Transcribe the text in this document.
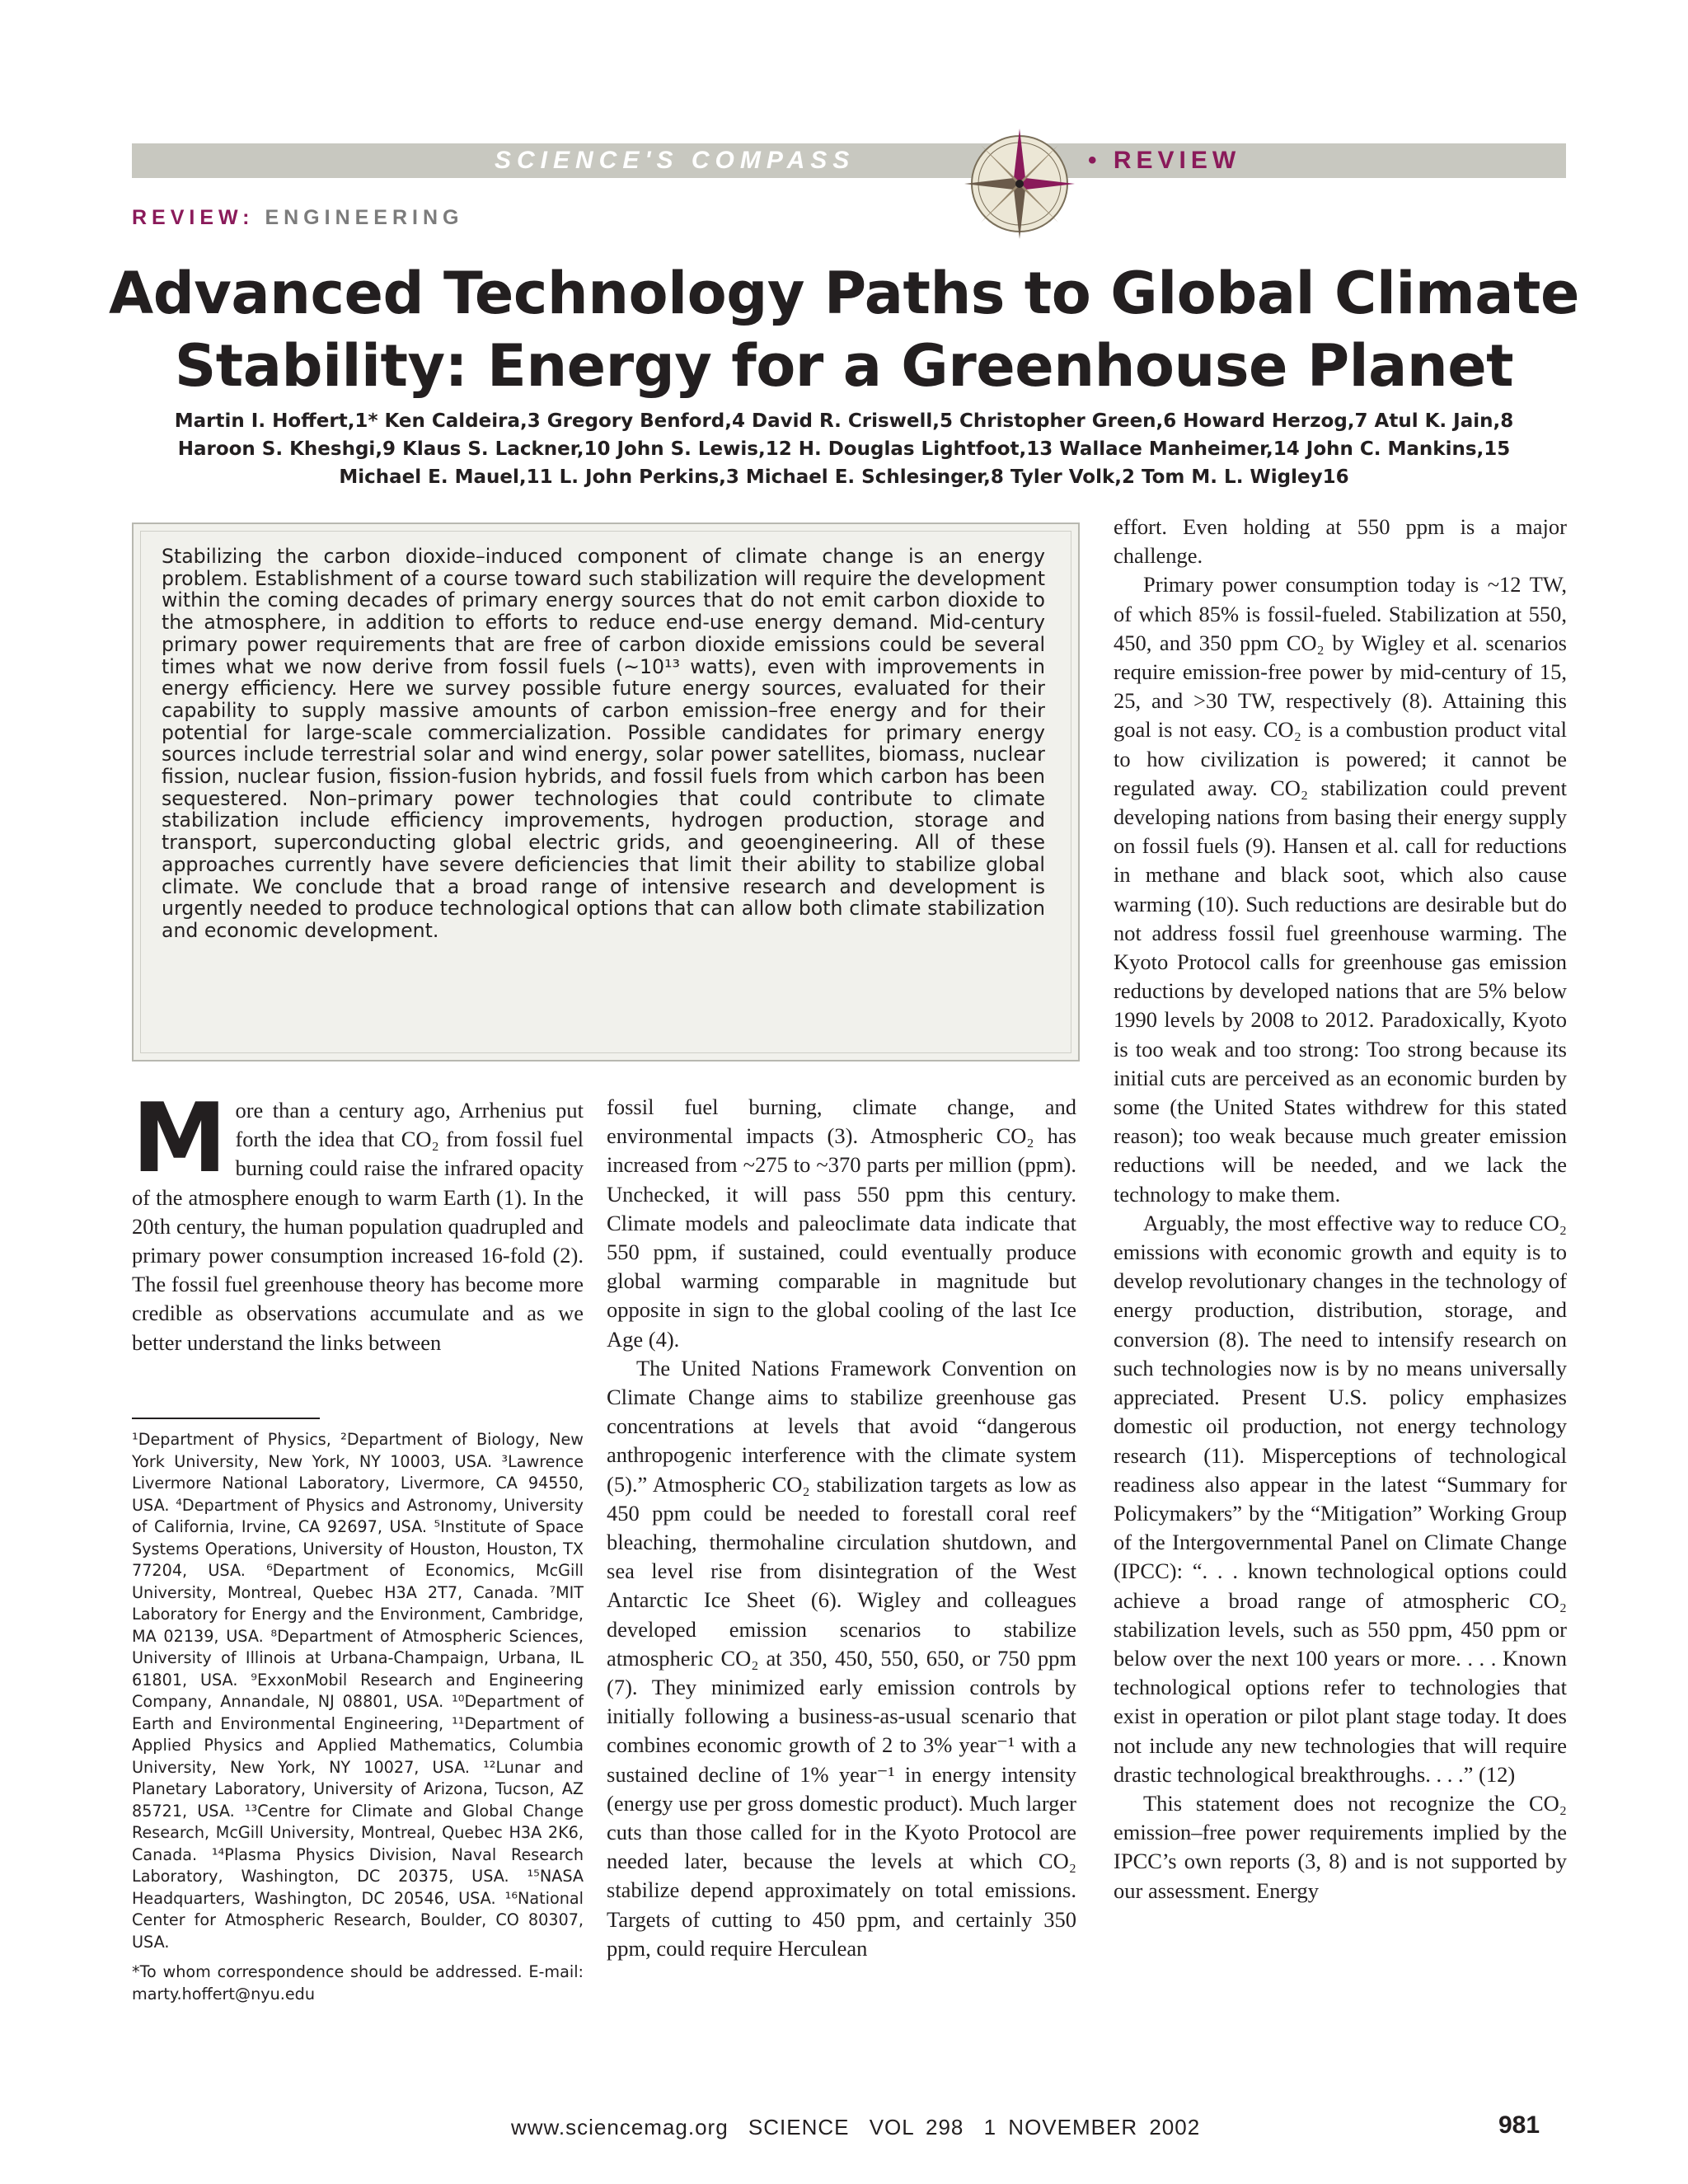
SCIENCE'S COMPASS	• REVIEW
REVIEW: ENGINEERING
Advanced Technology Paths to Global Climate
Stability: Energy for a Greenhouse Planet
Martin I. Hoffert,1* Ken Caldeira,3 Gregory Benford,4 David R. Criswell,5 Christopher Green,6 Howard Herzog,7 Atul K. Jain,8
Haroon S. Kheshgi,9 Klaus S. Lackner,10 John S. Lewis,12 H. Douglas Lightfoot,13 Wallace Manheimer,14 John C. Mankins,15
Michael E. Mauel,11 L. John Perkins,3 Michael E. Schlesinger,8 Tyler Volk,2 Tom M. L. Wigley16
Stabilizing the carbon dioxide–induced component of climate change is an energy problem. Establishment of a course toward such stabilization will require the development within the coming decades of primary energy sources that do not emit carbon dioxide to the atmosphere, in addition to efforts to reduce end-use energy demand. Mid-century primary power requirements that are free of carbon dioxide emissions could be several times what we now derive from fossil fuels (~10¹³ watts), even with improvements in energy efficiency. Here we survey possible future energy sources, evaluated for their capability to supply massive amounts of carbon emission–free energy and for their potential for large-scale commercialization. Possible candidates for primary energy sources include terrestrial solar and wind energy, solar power satellites, biomass, nuclear fission, nuclear fusion, fission-fusion hybrids, and fossil fuels from which carbon has been sequestered. Non–primary power technologies that could contribute to climate stabilization include efficiency improvements, hydrogen production, storage and transport, superconducting global electric grids, and geoengineering. All of these approaches currently have severe deficiencies that limit their ability to stabilize global climate. We conclude that a broad range of intensive research and development is urgently needed to produce technological options that can allow both climate stabilization and economic development.
M ore than a century ago, Arrhenius put forth the idea that CO₂ from fossil fuel burning could raise the infrared opacity of the atmosphere enough to warm Earth (1). In the 20th century, the human population quadrupled and primary power consumption increased 16-fold (2). The fossil fuel greenhouse theory has become more credible as observations accumulate and as we better understand the links between

¹Department of Physics, ²Department of Biology, New York University, New York, NY 10003, USA. ³Lawrence Livermore National Laboratory, Livermore, CA 94550, USA. ⁴Department of Physics and Astronomy, University of California, Irvine, CA 92697, USA. ⁵Institute of Space Systems Operations, University of Houston, Houston, TX 77204, USA. ⁶Department of Economics, McGill University, Montreal, Quebec H3A 2T7, Canada. ⁷MIT Laboratory for Energy and the Environment, Cambridge, MA 02139, USA. ⁸Department of Atmospheric Sciences, University of Illinois at Urbana-Champaign, Urbana, IL 61801, USA. ⁹ExxonMobil Research and Engineering Company, Annandale, NJ 08801, USA. ¹⁰Department of Earth and Environmental Engineering, ¹¹Department of Applied Physics and Applied Mathematics, Columbia University, New York, NY 10027, USA. ¹²Lunar and Planetary Laboratory, University of Arizona, Tucson, AZ 85721, USA. ¹³Centre for Climate and Global Change Research, McGill University, Montreal, Quebec H3A 2K6, Canada. ¹⁴Plasma Physics Division, Naval Research Laboratory, Washington, DC 20375, USA. ¹⁵NASA Headquarters, Washington, DC 20546, USA. ¹⁶National Center for Atmospheric Research, Boulder, CO 80307, USA.

*To whom correspondence should be addressed. E-mail: marty.hoffert@nyu.edu

fossil fuel burning, climate change, and environmental impacts (3). Atmospheric CO₂ has increased from ~275 to ~370 parts per million (ppm). Unchecked, it will pass 550 ppm this century. Climate models and paleoclimate data indicate that 550 ppm, if sustained, could eventually produce global warming comparable in magnitude but opposite in sign to the global cooling of the last Ice Age (4).

The United Nations Framework Convention on Climate Change aims to stabilize greenhouse gas concentrations at levels that avoid “dangerous anthropogenic interference with the climate system (5).” Atmospheric CO₂ stabilization targets as low as 450 ppm could be needed to forestall coral reef bleaching, thermohaline circulation shutdown, and sea level rise from disintegration of the West Antarctic Ice Sheet (6). Wigley and colleagues developed emission scenarios to stabilize atmospheric CO₂ at 350, 450, 550, 650, or 750 ppm (7). They minimized early emission controls by initially following a business-as-usual scenario that combines economic growth of 2 to 3% year⁻¹ with a sustained decline of 1% year⁻¹ in energy intensity (energy use per gross domestic product). Much larger cuts than those called for in the Kyoto Protocol are needed later, because the levels at which CO₂ stabilize depend approximately on total emissions. Targets of cutting to 450 ppm, and certainly 350 ppm, could require Herculean

effort. Even holding at 550 ppm is a major challenge.

Primary power consumption today is ~12 TW, of which 85% is fossil-fueled. Stabilization at 550, 450, and 350 ppm CO₂ by Wigley et al. scenarios require emission-free power by mid-century of 15, 25, and >30 TW, respectively (8). Attaining this goal is not easy. CO₂ is a combustion product vital to how civilization is powered; it cannot be regulated away. CO₂ stabilization could prevent developing nations from basing their energy supply on fossil fuels (9). Hansen et al. call for reductions in methane and black soot, which also cause warming (10). Such reductions are desirable but do not address fossil fuel greenhouse warming. The Kyoto Protocol calls for greenhouse gas emission reductions by developed nations that are 5% below 1990 levels by 2008 to 2012. Paradoxically, Kyoto is too weak and too strong: Too strong because its initial cuts are perceived as an economic burden by some (the United States withdrew for this stated reason); too weak because much greater emission reductions will be needed, and we lack the technology to make them.

Arguably, the most effective way to reduce CO₂ emissions with economic growth and equity is to develop revolutionary changes in the technology of energy production, distribution, storage, and conversion (8). The need to intensify research on such technologies now is by no means universally appreciated. Present U.S. policy emphasizes domestic oil production, not energy technology research (11). Misperceptions of technological readiness also appear in the latest “Summary for Policymakers” by the “Mitigation” Working Group of the Intergovernmental Panel on Climate Change (IPCC): “. . . known technological options could achieve a broad range of atmospheric CO₂ stabilization levels, such as 550 ppm, 450 ppm or below over the next 100 years or more. . . . Known technological options refer to technologies that exist in operation or pilot plant stage today. It does not include any new technologies that will require drastic technological breakthroughs. . . .” (12)

This statement does not recognize the CO₂ emission–free power requirements implied by the IPCC’s own reports (3, 8) and is not supported by our assessment. Energy

www.sciencemag.org SCIENCE VOL 298 1 NOVEMBER 2002	981
